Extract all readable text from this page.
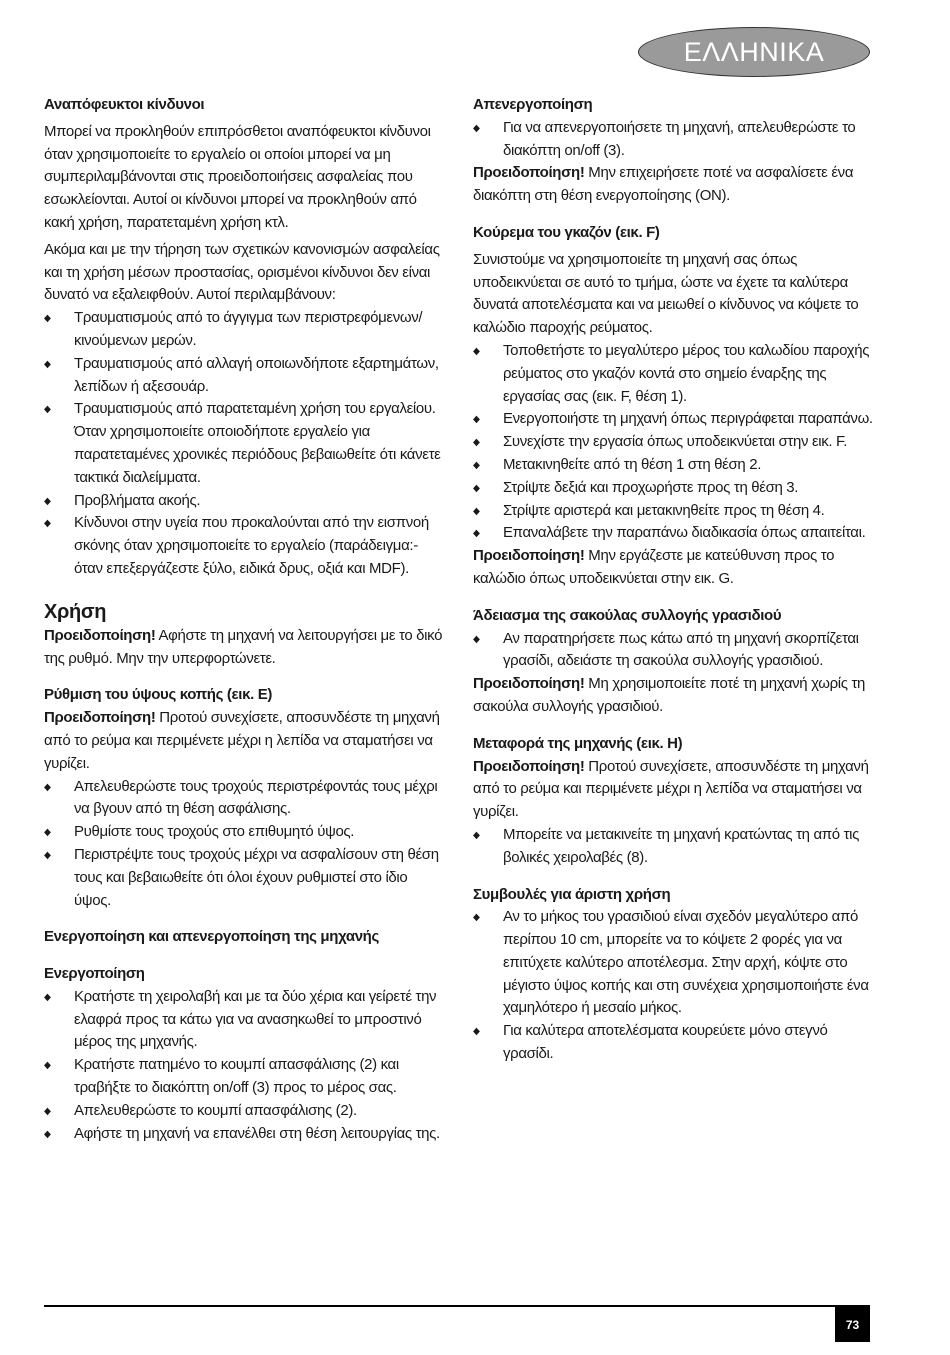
ΕΛΛΗΝΙΚΑ
Αναπόφευκτοι κίνδυνοι

Μπορεί να προκληθούν επιπρόσθετοι αναπόφευκτοι κίνδυνοι όταν χρησιμοποιείτε το εργαλείο οι οποίοι μπορεί να μη συμπεριλαμβάνονται στις προειδοποιήσεις ασφαλείας που εσωκλείονται. Αυτοί οι κίνδυνοι μπορεί να προκληθούν από κακή χρήση, παρατεταμένη χρήση κτλ.

Ακόμα και με την τήρηση των σχετικών κανονισμών ασφαλείας και τη χρήση μέσων προστασίας, ορισμένοι κίνδυνοι δεν είναι δυνατό να εξαλειφθούν. Αυτοί περιλαμβάνουν:

◆ Τραυματισμούς από το άγγιγμα των περιστρεφόμενων/ κινούμενων μερών.
◆ Τραυματισμούς από αλλαγή οποιωνδήποτε εξαρτημάτων, λεπίδων ή αξεσουάρ.
◆ Τραυματισμούς από παρατεταμένη χρήση του εργαλείου. Όταν χρησιμοποιείτε οποιοδήποτε εργαλείο για παρατεταμένες χρονικές περιόδους βεβαιωθείτε ότι κάνετε τακτικά διαλείμματα.
◆ Προβλήματα ακοής.
◆ Κίνδυνοι στην υγεία που προκαλούνται από την εισπνοή σκόνης όταν χρησιμοποιείτε το εργαλείο (παράδειγμα:- όταν επεξεργάζεστε ξύλο, ειδικά δρυς, οξιά και MDF).
Χρήση

Προειδοποίηση! Αφήστε τη μηχανή να λειτουργήσει με το δικό της ρυθμό. Μην την υπερφορτώνετε.

Ρύθμιση του ύψους κοπής (εικ. E)

Προειδοποίηση! Προτού συνεχίσετε, αποσυνδέστε τη μηχανή από το ρεύμα και περιμένετε μέχρι η λεπίδα να σταματήσει να γυρίζει.

◆ Απελευθερώστε τους τροχούς περιστρέφοντάς τους μέχρι να βγουν από τη θέση ασφάλισης.
◆ Ρυθμίστε τους τροχούς στο επιθυμητό ύψος.
◆ Περιστρέψτε τους τροχούς μέχρι να ασφαλίσουν στη θέση τους και βεβαιωθείτε ότι όλοι έχουν ρυθμιστεί στο ίδιο ύψος.
Ενεργοποίηση και απενεργοποίηση της μηχανής
Ενεργοποίηση
◆ Κρατήστε τη χειρολαβή και με τα δύο χέρια και γείρετέ την ελαφρά προς τα κάτω για να ανασηκωθεί το μπροστινό μέρος της μηχανής.
◆ Κρατήστε πατημένο το κουμπί απασφάλισης (2) και τραβήξτε το διακόπτη on/off (3) προς το μέρος σας.
◆ Απελευθερώστε το κουμπί απασφάλισης (2).
◆ Αφήστε τη μηχανή να επανέλθει στη θέση λειτουργίας της.
Απενεργοποίηση
◆ Για να απενεργοποιήσετε τη μηχανή, απελευθερώστε το διακόπτη on/off (3).

Προειδοποίηση! Μην επιχειρήσετε ποτέ να ασφαλίσετε ένα διακόπτη στη θέση ενεργοποίησης (ON).

Κούρεμα του γκαζόν (εικ. F)

Συνιστούμε να χρησιμοποιείτε τη μηχανή σας όπως υποδεικνύεται σε αυτό το τμήμα, ώστε να έχετε τα καλύτερα δυνατά αποτελέσματα και να μειωθεί ο κίνδυνος να κόψετε το καλώδιο παροχής ρεύματος.

◆ Τοποθετήστε το μεγαλύτερο μέρος του καλωδίου παροχής ρεύματος στο γκαζόν κοντά στο σημείο έναρξης της εργασίας σας (εικ. F, θέση 1).
◆ Ενεργοποιήστε τη μηχανή όπως περιγράφεται παραπάνω.
◆ Συνεχίστε την εργασία όπως υποδεικνύεται στην εικ. F.
◆ Μετακινηθείτε από τη θέση 1 στη θέση 2.
◆ Στρίψτε δεξιά και προχωρήστε προς τη θέση 3.
◆ Στρίψτε αριστερά και μετακινηθείτε προς τη θέση 4.
◆ Επαναλάβετε την παραπάνω διαδικασία όπως απαιτείται.

Προειδοποίηση! Μην εργάζεστε με κατεύθυνση προς το καλώδιο όπως υποδεικνύεται στην εικ. G.

Άδειασμα της σακούλας συλλογής γρασιδιού
◆ Αν παρατηρήσετε πως κάτω από τη μηχανή σκορπίζεται γρασίδι, αδειάστε τη σακούλα συλλογής γρασιδιού.

Προειδοποίηση! Μη χρησιμοποιείτε ποτέ τη μηχανή χωρίς τη σακούλα συλλογής γρασιδιού.

Μεταφορά της μηχανής (εικ. H)

Προειδοποίηση! Προτού συνεχίσετε, αποσυνδέστε τη μηχανή από το ρεύμα και περιμένετε μέχρι η λεπίδα να σταματήσει να γυρίζει.

◆ Μπορείτε να μετακινείτε τη μηχανή κρατώντας τη από τις βολικές χειρολαβές (8).
Συμβουλές για άριστη χρήση
◆ Αν το μήκος του γρασιδιού είναι σχεδόν μεγαλύτερο από περίπου 10 cm, μπορείτε να το κόψετε 2 φορές για να επιτύχετε καλύτερο αποτέλεσμα. Στην αρχή, κόψτε στο μέγιστο ύψος κοπής και στη συνέχεια χρησιμοποιήστε ένα χαμηλότερο ή μεσαίο μήκος.
◆ Για καλύτερα αποτελέσματα κουρεύετε μόνο στεγνό γρασίδι.
73
